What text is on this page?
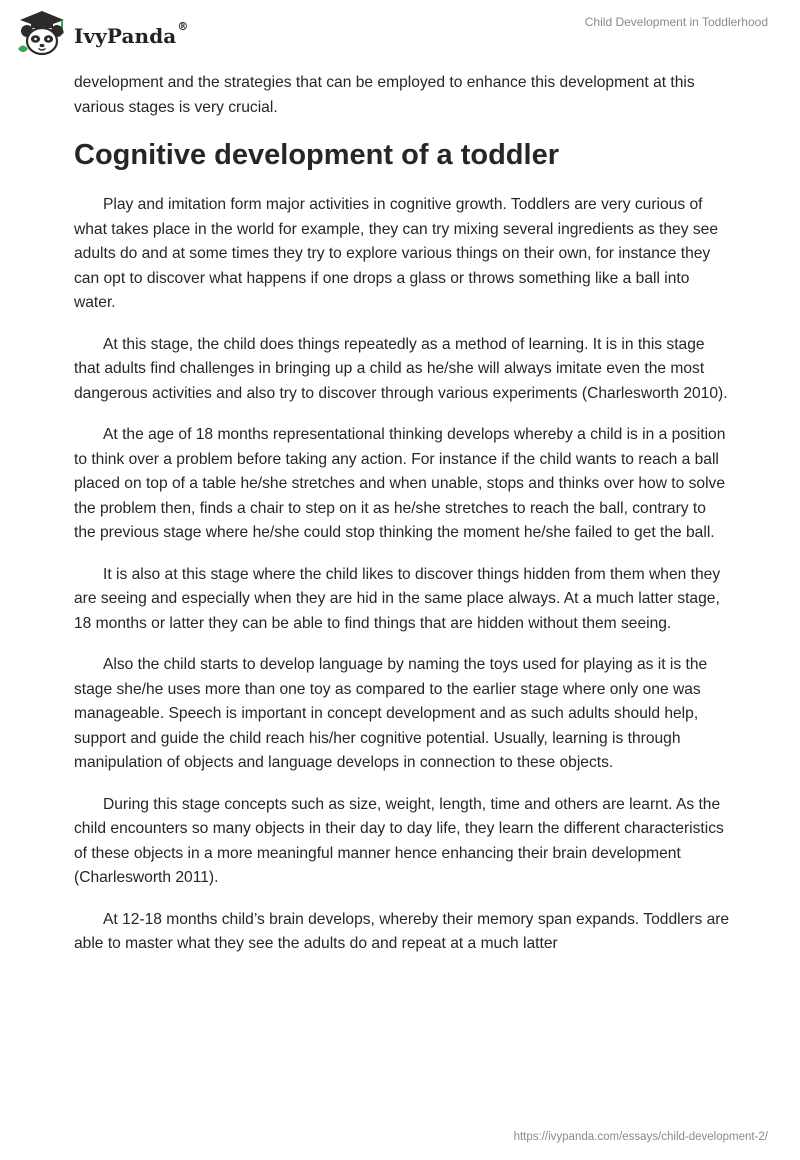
IvyPanda®	Child Development in Toddlerhood

development and the strategies that can be employed to enhance this development at this various stages is very crucial.

Cognitive development of a toddler

Play and imitation form major activities in cognitive growth. Toddlers are very curious of what takes place in the world for example, they can try mixing several ingredients as they see adults do and at some times they try to explore various things on their own, for instance they can opt to discover what happens if one drops a glass or throws something like a ball into water.

At this stage, the child does things repeatedly as a method of learning. It is in this stage that adults find challenges in bringing up a child as he/she will always imitate even the most dangerous activities and also try to discover through various experiments (Charlesworth 2010).

At the age of 18 months representational thinking develops whereby a child is in a position to think over a problem before taking any action. For instance if the child wants to reach a ball placed on top of a table he/she stretches and when unable, stops and thinks over how to solve the problem then, finds a chair to step on it as he/she stretches to reach the ball, contrary to the previous stage where he/she could stop thinking the moment he/she failed to get the ball.

It is also at this stage where the child likes to discover things hidden from them when they are seeing and especially when they are hid in the same place always. At a much latter stage, 18 months or latter they can be able to find things that are hidden without them seeing.

Also the child starts to develop language by naming the toys used for playing as it is the stage she/he uses more than one toy as compared to the earlier stage where only one was manageable. Speech is important in concept development and as such adults should help, support and guide the child reach his/her cognitive potential. Usually, learning is through manipulation of objects and language develops in connection to these objects.

During this stage concepts such as size, weight, length, time and others are learnt. As the child encounters so many objects in their day to day life, they learn the different characteristics of these objects in a more meaningful manner hence enhancing their brain development (Charlesworth 2011).

At 12-18 months child’s brain develops, whereby their memory span expands. Toddlers are able to master what they see the adults do and repeat at a much latter

https://ivypanda.com/essays/child-development-2/
